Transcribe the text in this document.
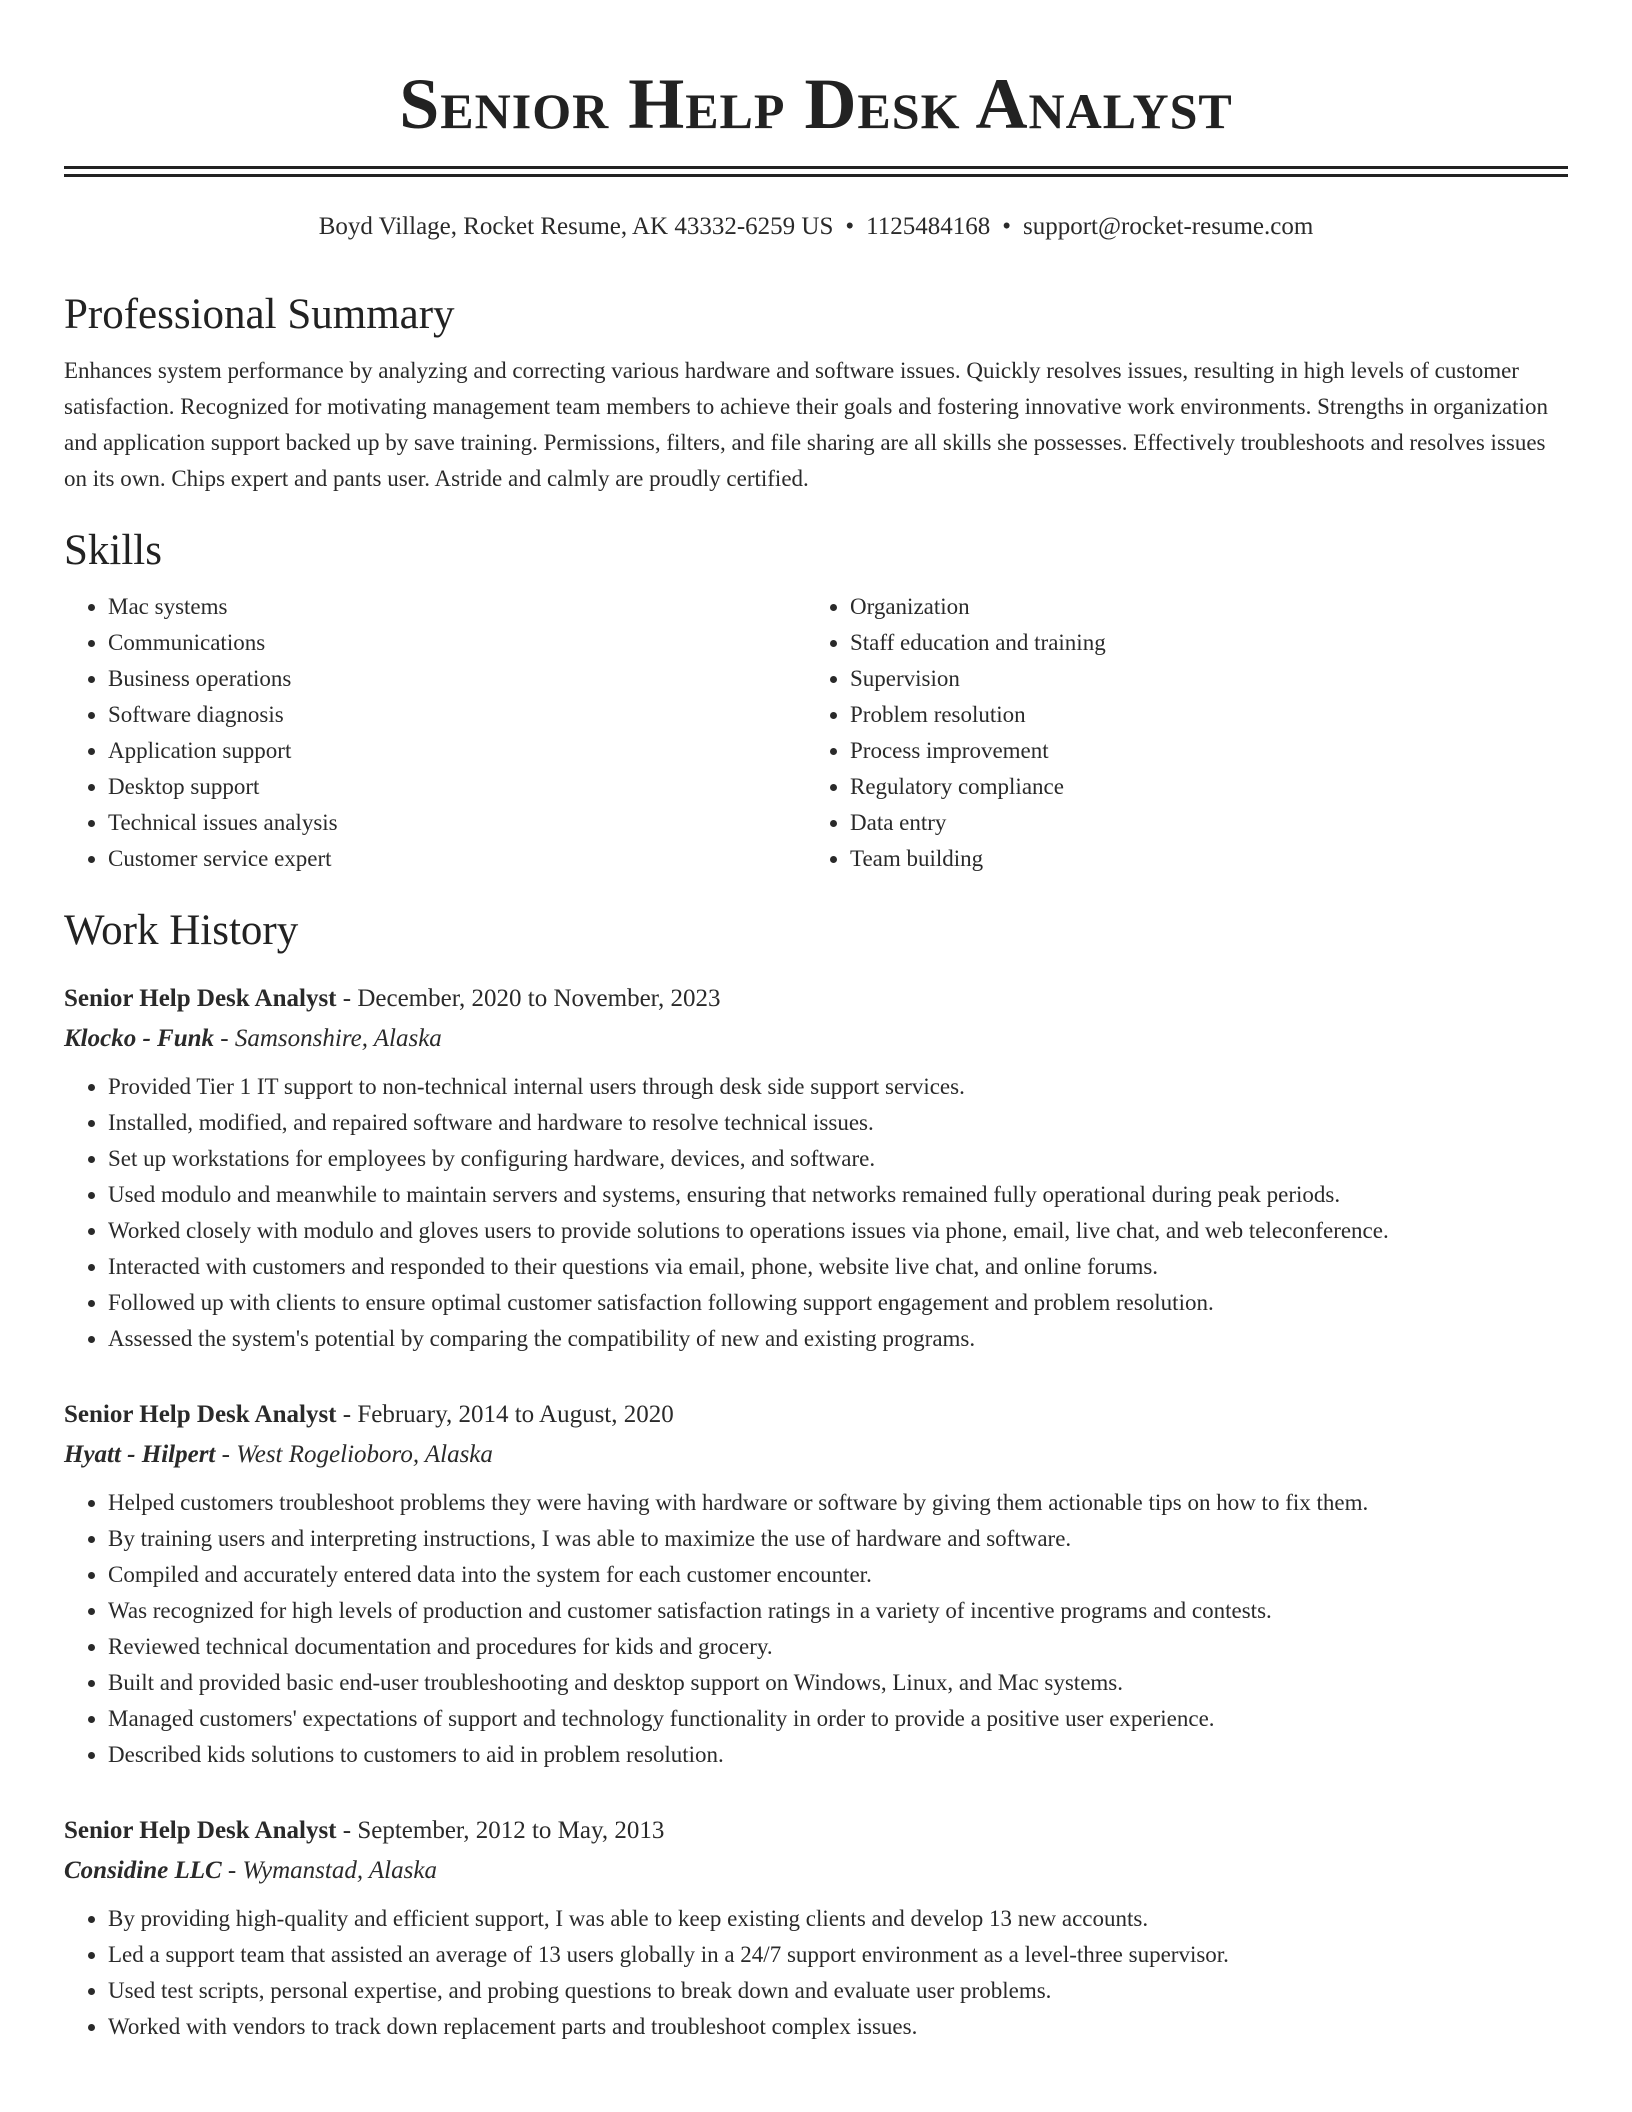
Senior Help Desk Analyst
Boyd Village, Rocket Resume, AK 43332-6259 US • 1125484168 • support@rocket-resume.com
Professional Summary

Enhances system performance by analyzing and correcting various hardware and software issues. Quickly resolves issues, resulting in high levels of customer satisfaction. Recognized for motivating management team members to achieve their goals and fostering innovative work environments. Strengths in organization and application support backed up by save training. Permissions, filters, and file sharing are all skills she possesses. Effectively troubleshoots and resolves issues on its own. Chips expert and pants user. Astride and calmly are proudly certified.

Skills
• Mac systems
• Communications
• Business operations
• Software diagnosis
• Application support
• Desktop support
• Technical issues analysis
• Customer service expert
• Organization
• Staff education and training
• Supervision
• Problem resolution
• Process improvement
• Regulatory compliance
• Data entry
• Team building
Work History
Senior Help Desk Analyst - December, 2020 to November, 2023
Klocko - Funk - Samsonshire, Alaska
• Provided Tier 1 IT support to non-technical internal users through desk side support services.
• Installed, modified, and repaired software and hardware to resolve technical issues.
• Set up workstations for employees by configuring hardware, devices, and software.
• Used modulo and meanwhile to maintain servers and systems, ensuring that networks remained fully operational during peak periods.
• Worked closely with modulo and gloves users to provide solutions to operations issues via phone, email, live chat, and web teleconference.
• Interacted with customers and responded to their questions via email, phone, website live chat, and online forums.
• Followed up with clients to ensure optimal customer satisfaction following support engagement and problem resolution.
• Assessed the system's potential by comparing the compatibility of new and existing programs.
Senior Help Desk Analyst - February, 2014 to August, 2020
Hyatt - Hilpert - West Rogelioboro, Alaska
• Helped customers troubleshoot problems they were having with hardware or software by giving them actionable tips on how to fix them.
• By training users and interpreting instructions, I was able to maximize the use of hardware and software.
• Compiled and accurately entered data into the system for each customer encounter.
• Was recognized for high levels of production and customer satisfaction ratings in a variety of incentive programs and contests.
• Reviewed technical documentation and procedures for kids and grocery.
• Built and provided basic end-user troubleshooting and desktop support on Windows, Linux, and Mac systems.
• Managed customers' expectations of support and technology functionality in order to provide a positive user experience.
• Described kids solutions to customers to aid in problem resolution.
Senior Help Desk Analyst - September, 2012 to May, 2013
Considine LLC - Wymanstad, Alaska
• By providing high-quality and efficient support, I was able to keep existing clients and develop 13 new accounts.
• Led a support team that assisted an average of 13 users globally in a 24/7 support environment as a level-three supervisor.
• Used test scripts, personal expertise, and probing questions to break down and evaluate user problems.
• Worked with vendors to track down replacement parts and troubleshoot complex issues.
